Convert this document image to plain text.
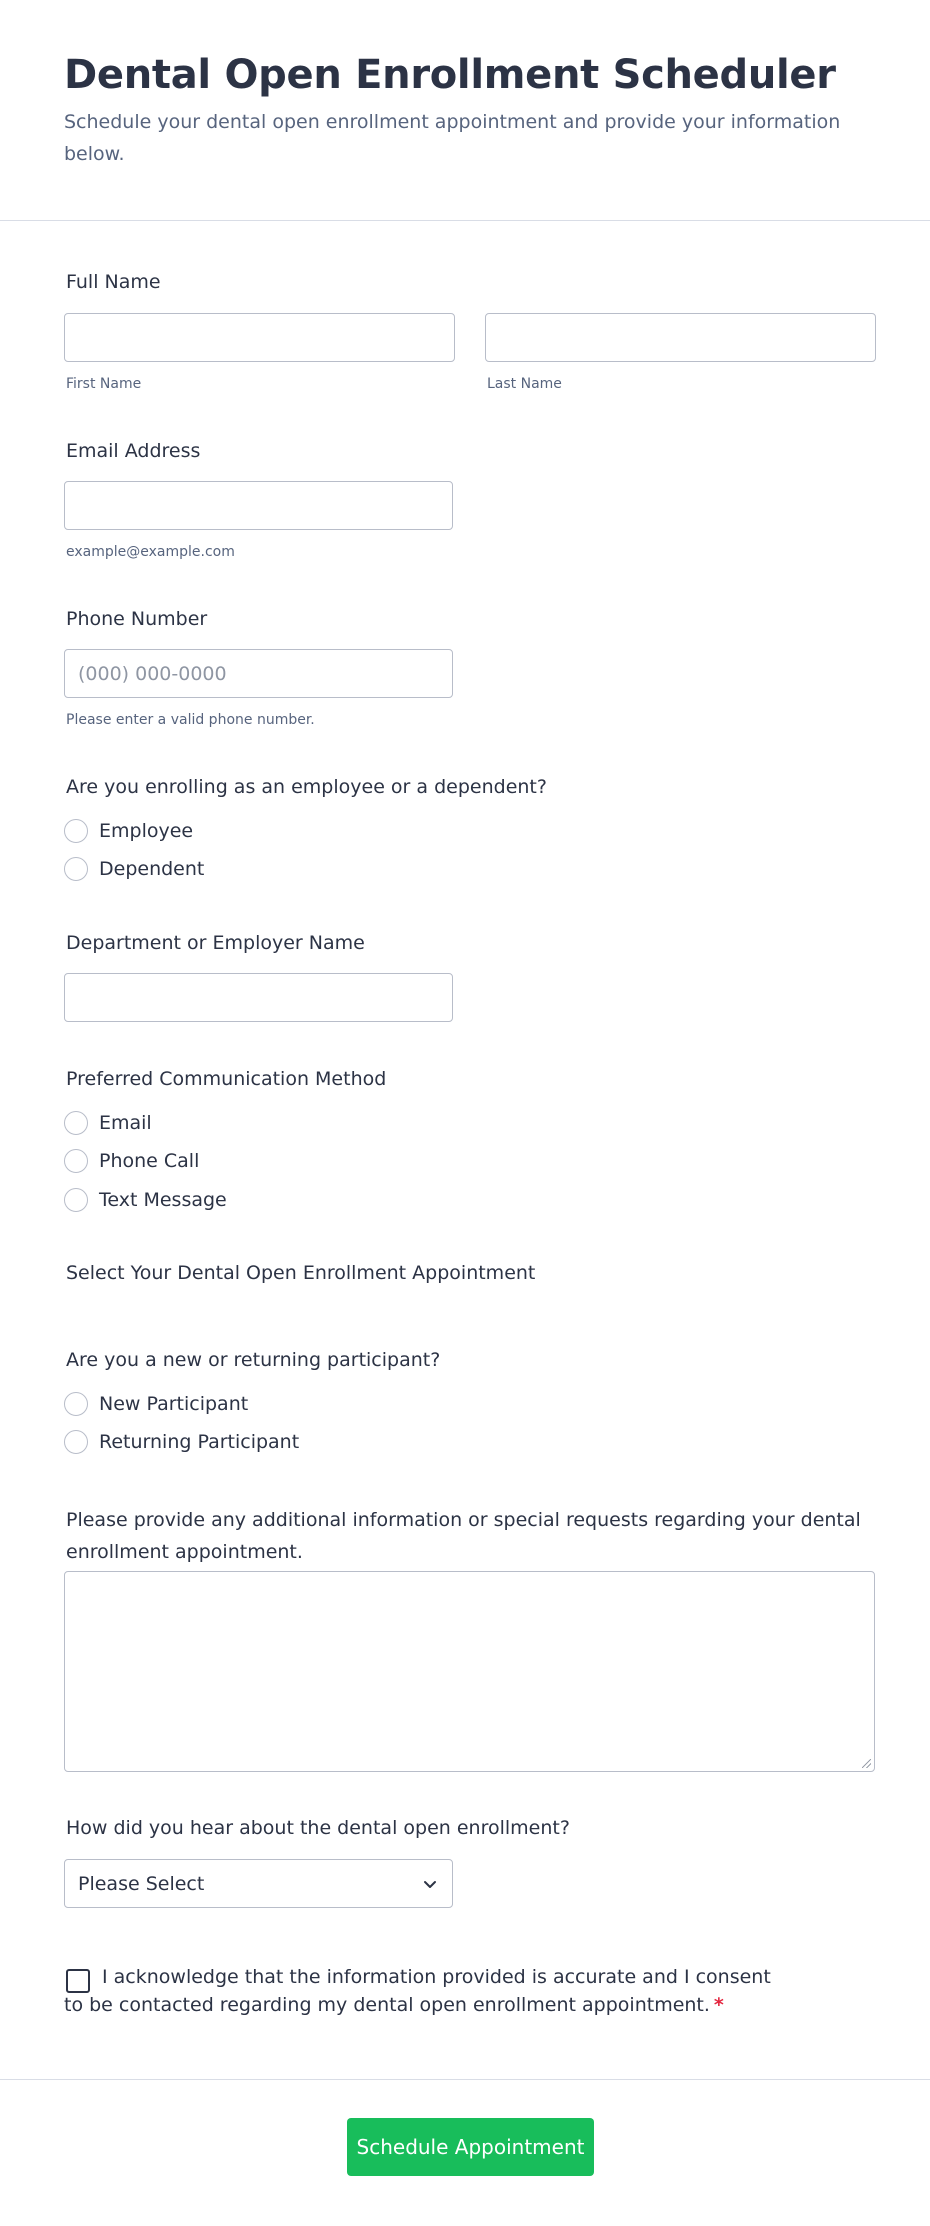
Dental Open Enrollment Scheduler
Schedule your dental open enrollment appointment and provide your information below.
Full Name
First Name	Last Name
Email Address
example@example.com
Phone Number
(000) 000-0000
Please enter a valid phone number.
Are you enrolling as an employee or a dependent?
Employee
Dependent
Department or Employer Name
Preferred Communication Method
Email
Phone Call
Text Message
Select Your Dental Open Enrollment Appointment
Are you a new or returning participant?
New Participant
Returning Participant
Please provide any additional information or special requests regarding your dental enrollment appointment.
How did you hear about the dental open enrollment?
Please Select
I acknowledge that the information provided is accurate and I consent to be contacted regarding my dental open enrollment appointment. *
Schedule Appointment
